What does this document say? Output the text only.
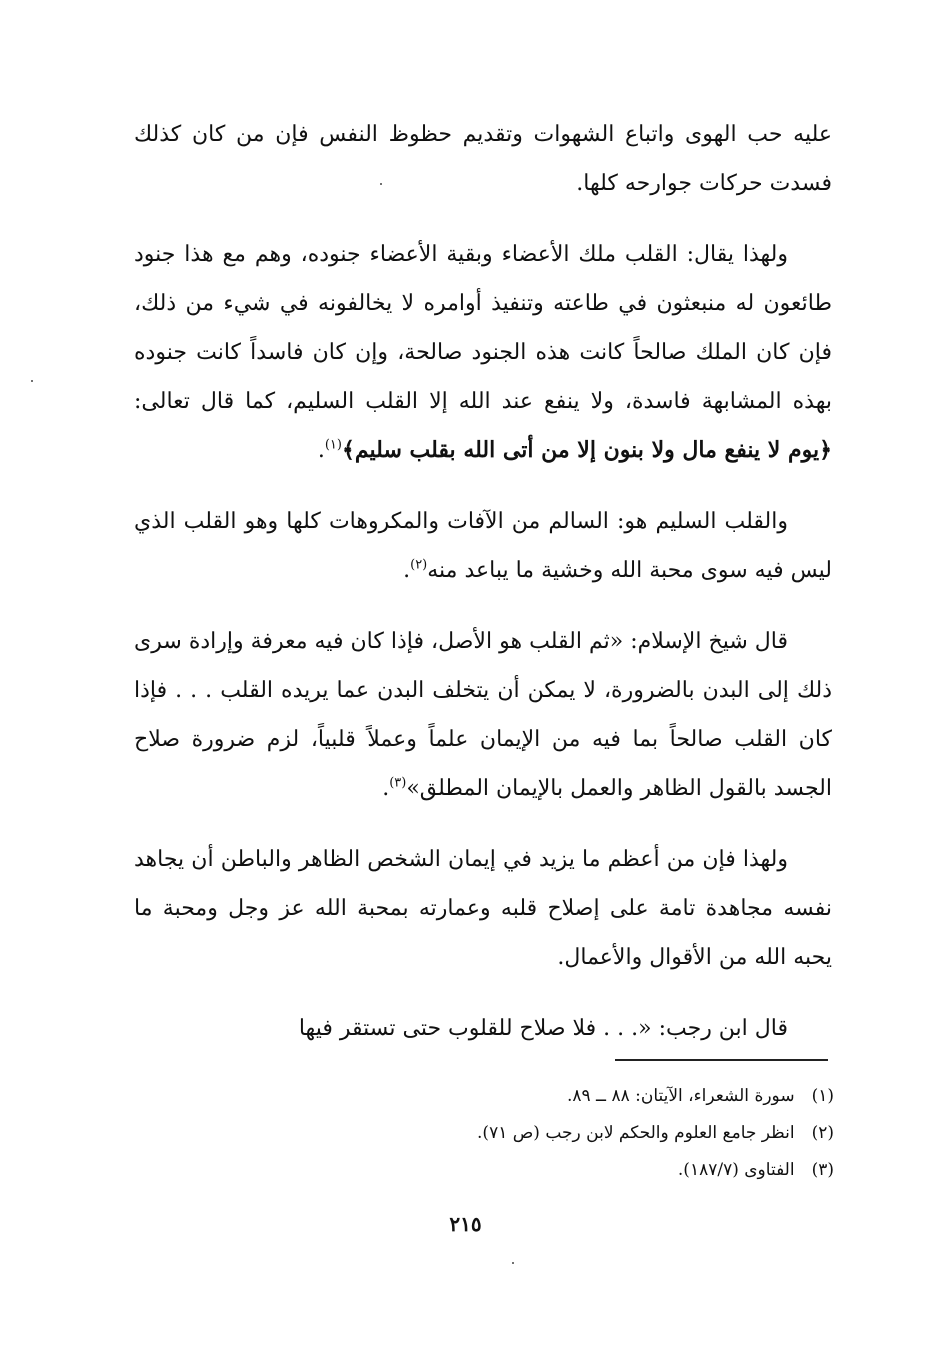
عليه حب الهوى واتباع الشهوات وتقديم حظوظ النفس فإن من كان كذلك فسدت حركات جوارحه كلها.

ولهذا يقال: القلب ملك الأعضاء وبقية الأعضاء جنوده، وهم مع هذا جنود طائعون له منبعثون في طاعته وتنفيذ أوامره لا يخالفونه في شيء من ذلك، فإن كان الملك صالحاً كانت هذه الجنود صالحة، وإن كان فاسداً كانت جنوده بهذه المشابهة فاسدة، ولا ينفع عند الله إلا القلب السليم، كما قال تعالى: ﴿يوم لا ينفع مال ولا بنون إلا من أتى الله بقلب سليم﴾$^{(١)}$.

والقلب السليم هو: السالم من الآفات والمكروهات كلها وهو القلب الذي ليس فيه سوى محبة الله وخشية ما يباعد منه$^{(٢)}$.

قال شيخ الإسلام: «ثم القلب هو الأصل، فإذا كان فيه معرفة وإرادة سرى ذلك إلى البدن بالضرورة، لا يمكن أن يتخلف البدن عما يريده القلب . . . فإذا كان القلب صالحاً بما فيه من الإيمان علماً وعملاً قلبياً، لزم ضرورة صلاح الجسد بالقول الظاهر والعمل بالإيمان المطلق»$^{(٣)}$.

ولهذا فإن من أعظم ما يزيد في إيمان الشخص الظاهر والباطن أن يجاهد نفسه مجاهدة تامة على إصلاح قلبه وعمارته بمحبة الله عز وجل ومحبة ما يحبه الله من الأقوال والأعمال.

قال ابن رجب: «. . . فلا صلاح للقلوب حتى تستقر فيها

(١) سورة الشعراء، الآيتان: ٨٨ ــ ٨٩.
(٢) انظر جامع العلوم والحكم لابن رجب (ص ٧١).
(٣) الفتاوى (١٨٧/٧).
٢١٥
